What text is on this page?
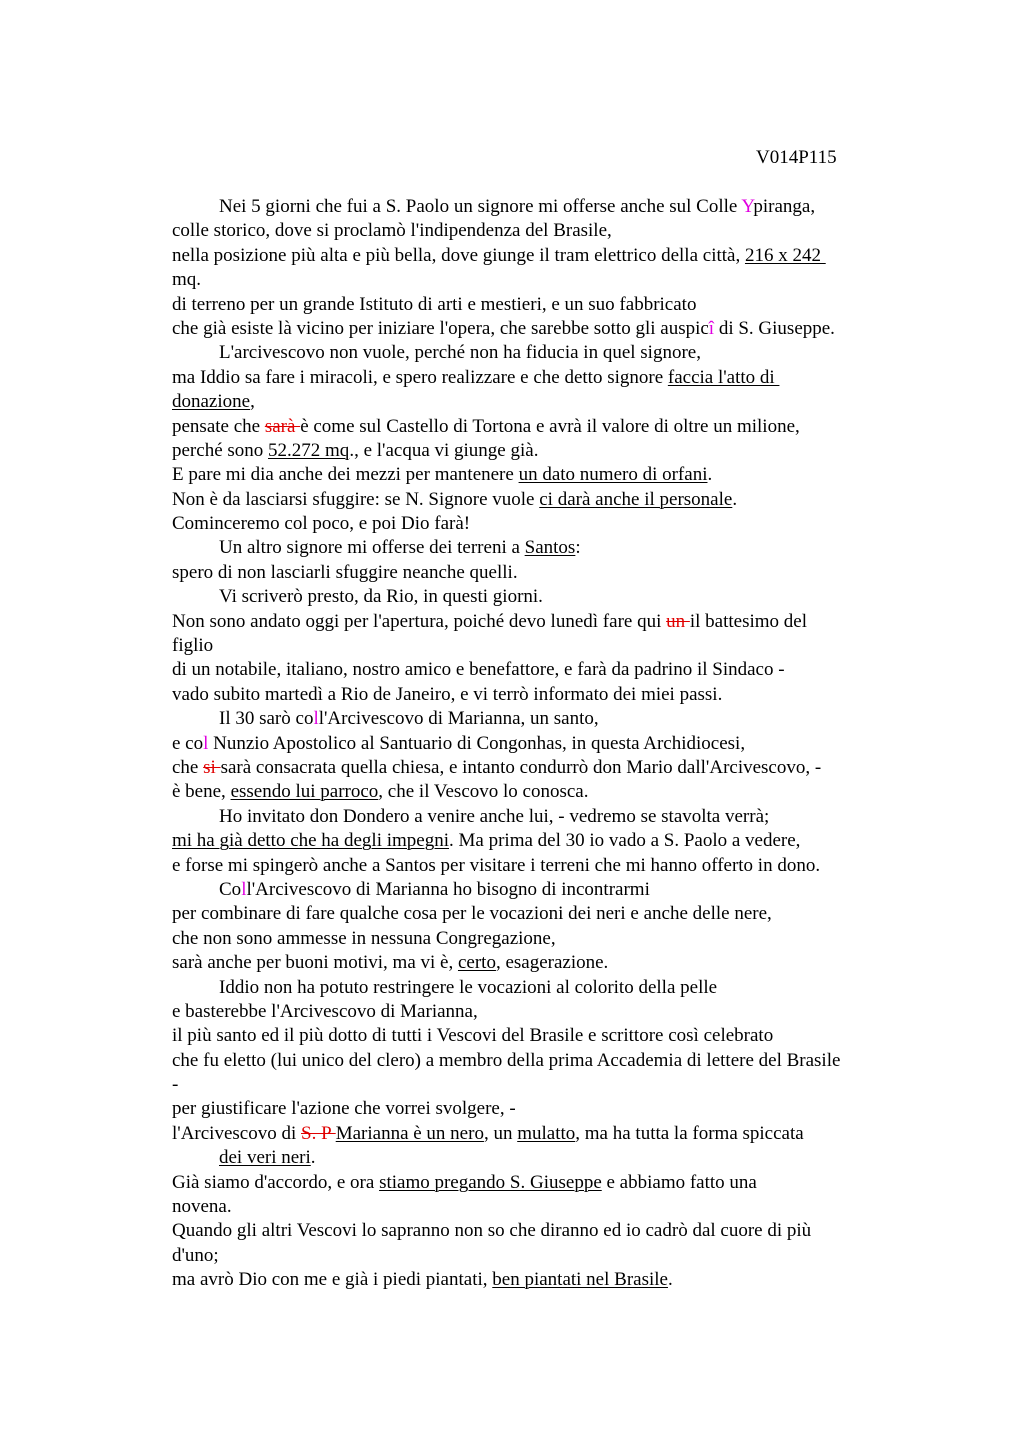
V014P115
Nei 5 giorni che fui a S. Paolo un signore mi offerse anche sul Colle Ypiranga,
colle storico, dove si proclamò l'indipendenza del Brasile,
nella posizione più alta e più bella, dove giunge il tram elettrico della città, 216 x 242
mq.
di terreno per un grande Istituto di arti e mestieri, e un suo fabbricato
che già esiste là vicino per iniziare l'opera, che sarebbe sotto gli auspicî di S. Giuseppe.
L'arcivescovo non vuole, perché non ha fiducia in quel signore,
ma Iddio sa fare i miracoli, e spero realizzare e che detto signore faccia l'atto di
donazione,
pensate che sarà è come sul Castello di Tortona e avrà il valore di oltre un milione,
perché sono 52.272 mq., e l'acqua vi giunge già.
E pare mi dia anche dei mezzi per mantenere un dato numero di orfani.
Non è da lasciarsi sfuggire: se N. Signore vuole ci darà anche il personale.
Cominceremo col poco, e poi Dio farà!
Un altro signore mi offerse dei terreni a Santos:
spero di non lasciarli sfuggire neanche quelli.
Vi scriverò presto, da Rio, in questi giorni.
Non sono andato oggi per l'apertura, poiché devo lunedì fare qui un il battesimo del
figlio
di un notabile, italiano, nostro amico e benefattore, e farà da padrino il Sindaco -
vado subito martedì a Rio de Janeiro, e vi terrò informato dei miei passi.
Il 30 sarò coll'Arcivescovo di Marianna, un santo,
e col Nunzio Apostolico al Santuario di Congonhas, in questa Archidiocesi,
che si sarà consacrata quella chiesa, e intanto condurrò don Mario dall'Arcivescovo, -
è bene, essendo lui parroco, che il Vescovo lo conosca.
Ho invitato don Dondero a venire anche lui, - vedremo se stavolta verrà;
mi ha già detto che ha degli impegni. Ma prima del 30 io vado a S. Paolo a vedere,
e forse mi spingerò anche a Santos per visitare i terreni che mi hanno offerto in dono.
Coll'Arcivescovo di Marianna ho bisogno di incontrarmi
per combinare di fare qualche cosa per le vocazioni dei neri e anche delle nere,
che non sono ammesse in nessuna Congregazione,
sarà anche per buoni motivi, ma vi è, certo, esagerazione.
Iddio non ha potuto restringere le vocazioni al colorito della pelle
e basterebbe l'Arcivescovo di Marianna,
il più santo ed il più dotto di tutti i Vescovi del Brasile e scrittore così celebrato
che fu eletto (lui unico del clero) a membro della prima Accademia di lettere del Brasile
-
per giustificare l'azione che vorrei svolgere, -
l'Arcivescovo di S. P Marianna è un nero, un mulatto, ma ha tutta la forma spiccata
dei veri neri.
Già siamo d'accordo, e ora stiamo pregando S. Giuseppe e abbiamo fatto una
novena.
Quando gli altri Vescovi lo sapranno non so che diranno ed io cadrò dal cuore di più
d'uno;
ma avrò Dio con me e già i piedi piantati, ben piantati nel Brasile.
